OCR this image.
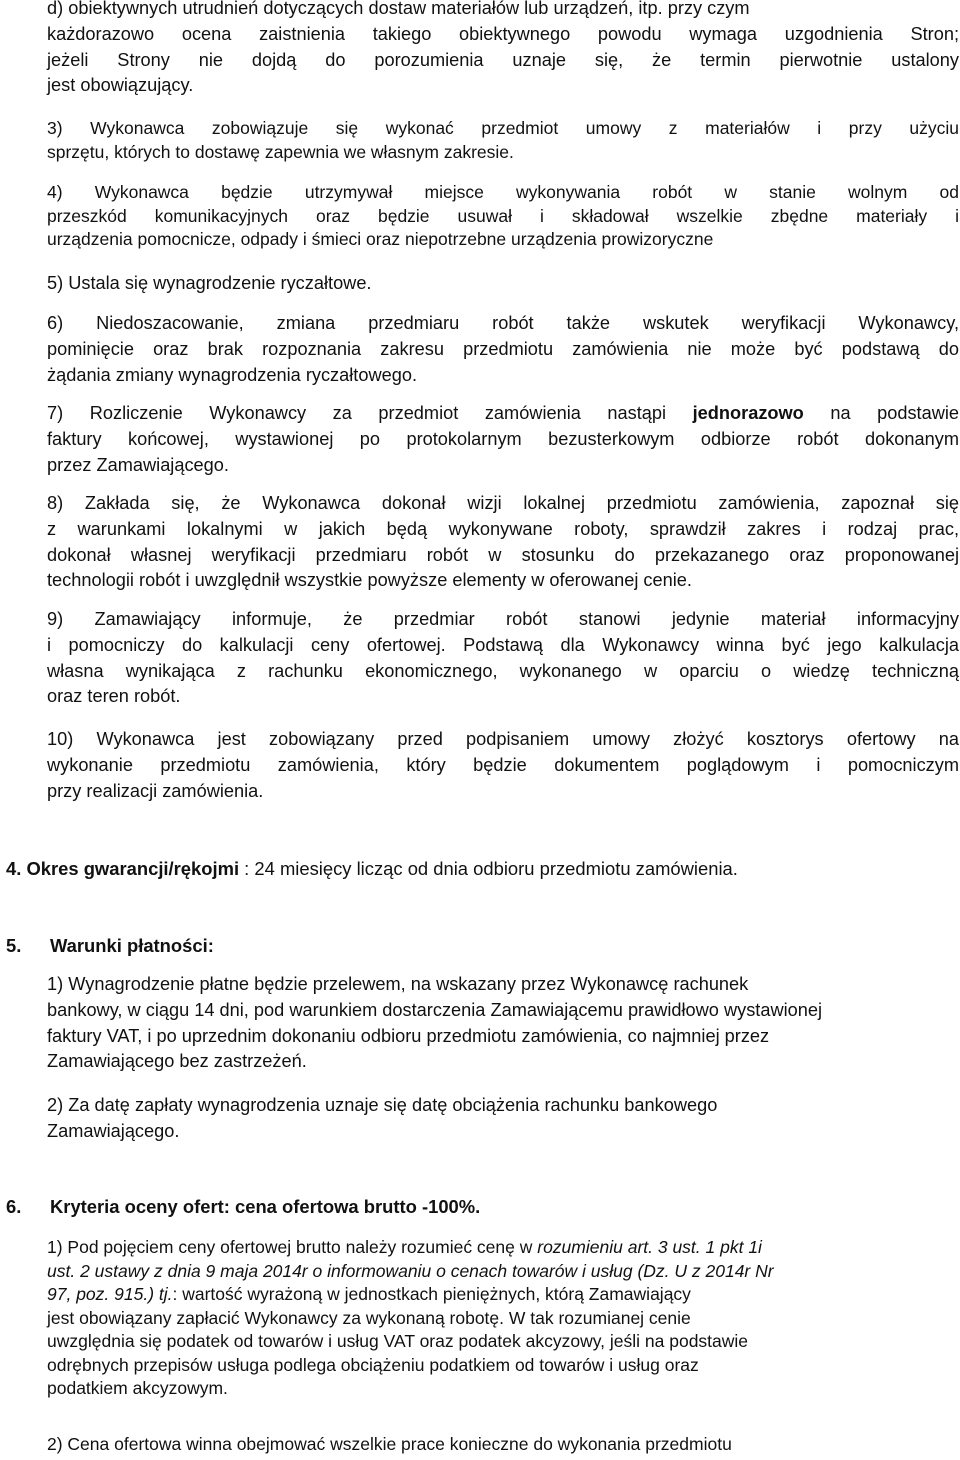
d) obiektywnych utrudnień dotyczących dostaw materiałów lub urządzeń, itp. przy czym
każdorazowo ocena zaistnienia takiego obiektywnego powodu wymaga uzgodnienia Stron;
jeżeli Strony nie dojdą do porozumienia uznaje się, że termin pierwotnie ustalony
jest obowiązujący.
3) Wykonawca zobowiązuje się wykonać przedmiot umowy z materiałów i przy użyciu
sprzętu, których to dostawę zapewnia we własnym zakresie.
4) Wykonawca będzie utrzymywał miejsce wykonywania robót w stanie wolnym od
przeszkód komunikacyjnych oraz będzie usuwał i składował wszelkie zbędne materiały i
urządzenia pomocnicze, odpady i śmieci oraz niepotrzebne urządzenia prowizoryczne
5) Ustala się wynagrodzenie ryczałtowe.
6) Niedoszacowanie, zmiana przedmiaru robót także wskutek weryfikacji Wykonawcy,
pominięcie oraz brak rozpoznania zakresu przedmiotu zamówienia nie może być podstawą do
żądania zmiany wynagrodzenia ryczałtowego.
7) Rozliczenie Wykonawcy za przedmiot zamówienia nastąpi jednorazowo na podstawie
faktury końcowej, wystawionej po protokolarnym bezusterkowym odbiorze robót dokonanym
przez Zamawiającego.
8) Zakłada się, że Wykonawca dokonał wizji lokalnej przedmiotu zamówienia, zapoznał się
z warunkami lokalnymi w jakich będą wykonywane roboty, sprawdził zakres i rodzaj prac,
dokonał własnej weryfikacji przedmiaru robót w stosunku do przekazanego oraz proponowanej
technologii robót i uwzględnił wszystkie powyższe elementy w oferowanej cenie.
9) Zamawiający informuje, że przedmiar robót stanowi jedynie materiał informacyjny
i pomocniczy do kalkulacji ceny ofertowej. Podstawą dla Wykonawcy winna być jego kalkulacja
własna wynikająca z rachunku ekonomicznego, wykonanego w oparciu o wiedzę techniczną
oraz teren robót.
10) Wykonawca jest zobowiązany przed podpisaniem umowy złożyć kosztorys ofertowy na
wykonanie przedmiotu zamówienia, który będzie dokumentem poglądowym i pomocniczym
przy realizacji zamówienia.
4. Okres gwarancji/rękojmi : 24 miesięcy licząc od dnia odbioru przedmiotu zamówienia.
5. Warunki płatności:
1) Wynagrodzenie płatne będzie przelewem, na wskazany przez Wykonawcę rachunek
bankowy, w ciągu 14 dni, pod warunkiem dostarczenia Zamawiającemu prawidłowo wystawionej
faktury VAT, i po uprzednim dokonaniu odbioru przedmiotu zamówienia, co najmniej przez
Zamawiającego bez zastrzeżeń.
2) Za datę zapłaty wynagrodzenia uznaje się datę obciążenia rachunku bankowego
Zamawiającego.
6. Kryteria oceny ofert: cena ofertowa brutto -100%.
1) Pod pojęciem ceny ofertowej brutto należy rozumieć cenę w rozumieniu art. 3 ust. 1 pkt 1i
ust. 2 ustawy z dnia 9 maja 2014r o informowaniu o cenach towarów i usług (Dz. U z 2014r Nr
97, poz. 915.) tj.: wartość wyrażoną w jednostkach pieniężnych, którą Zamawiający
jest obowiązany zapłacić Wykonawcy za wykonaną robotę. W tak rozumianej cenie
uwzględnia się podatek od towarów i usług VAT oraz podatek akcyzowy, jeśli na podstawie
odrębnych przepisów usługa podlega obciążeniu podatkiem od towarów i usług oraz
podatkiem akcyzowym.
2) Cena ofertowa winna obejmować wszelkie prace konieczne do wykonania przedmiotu
